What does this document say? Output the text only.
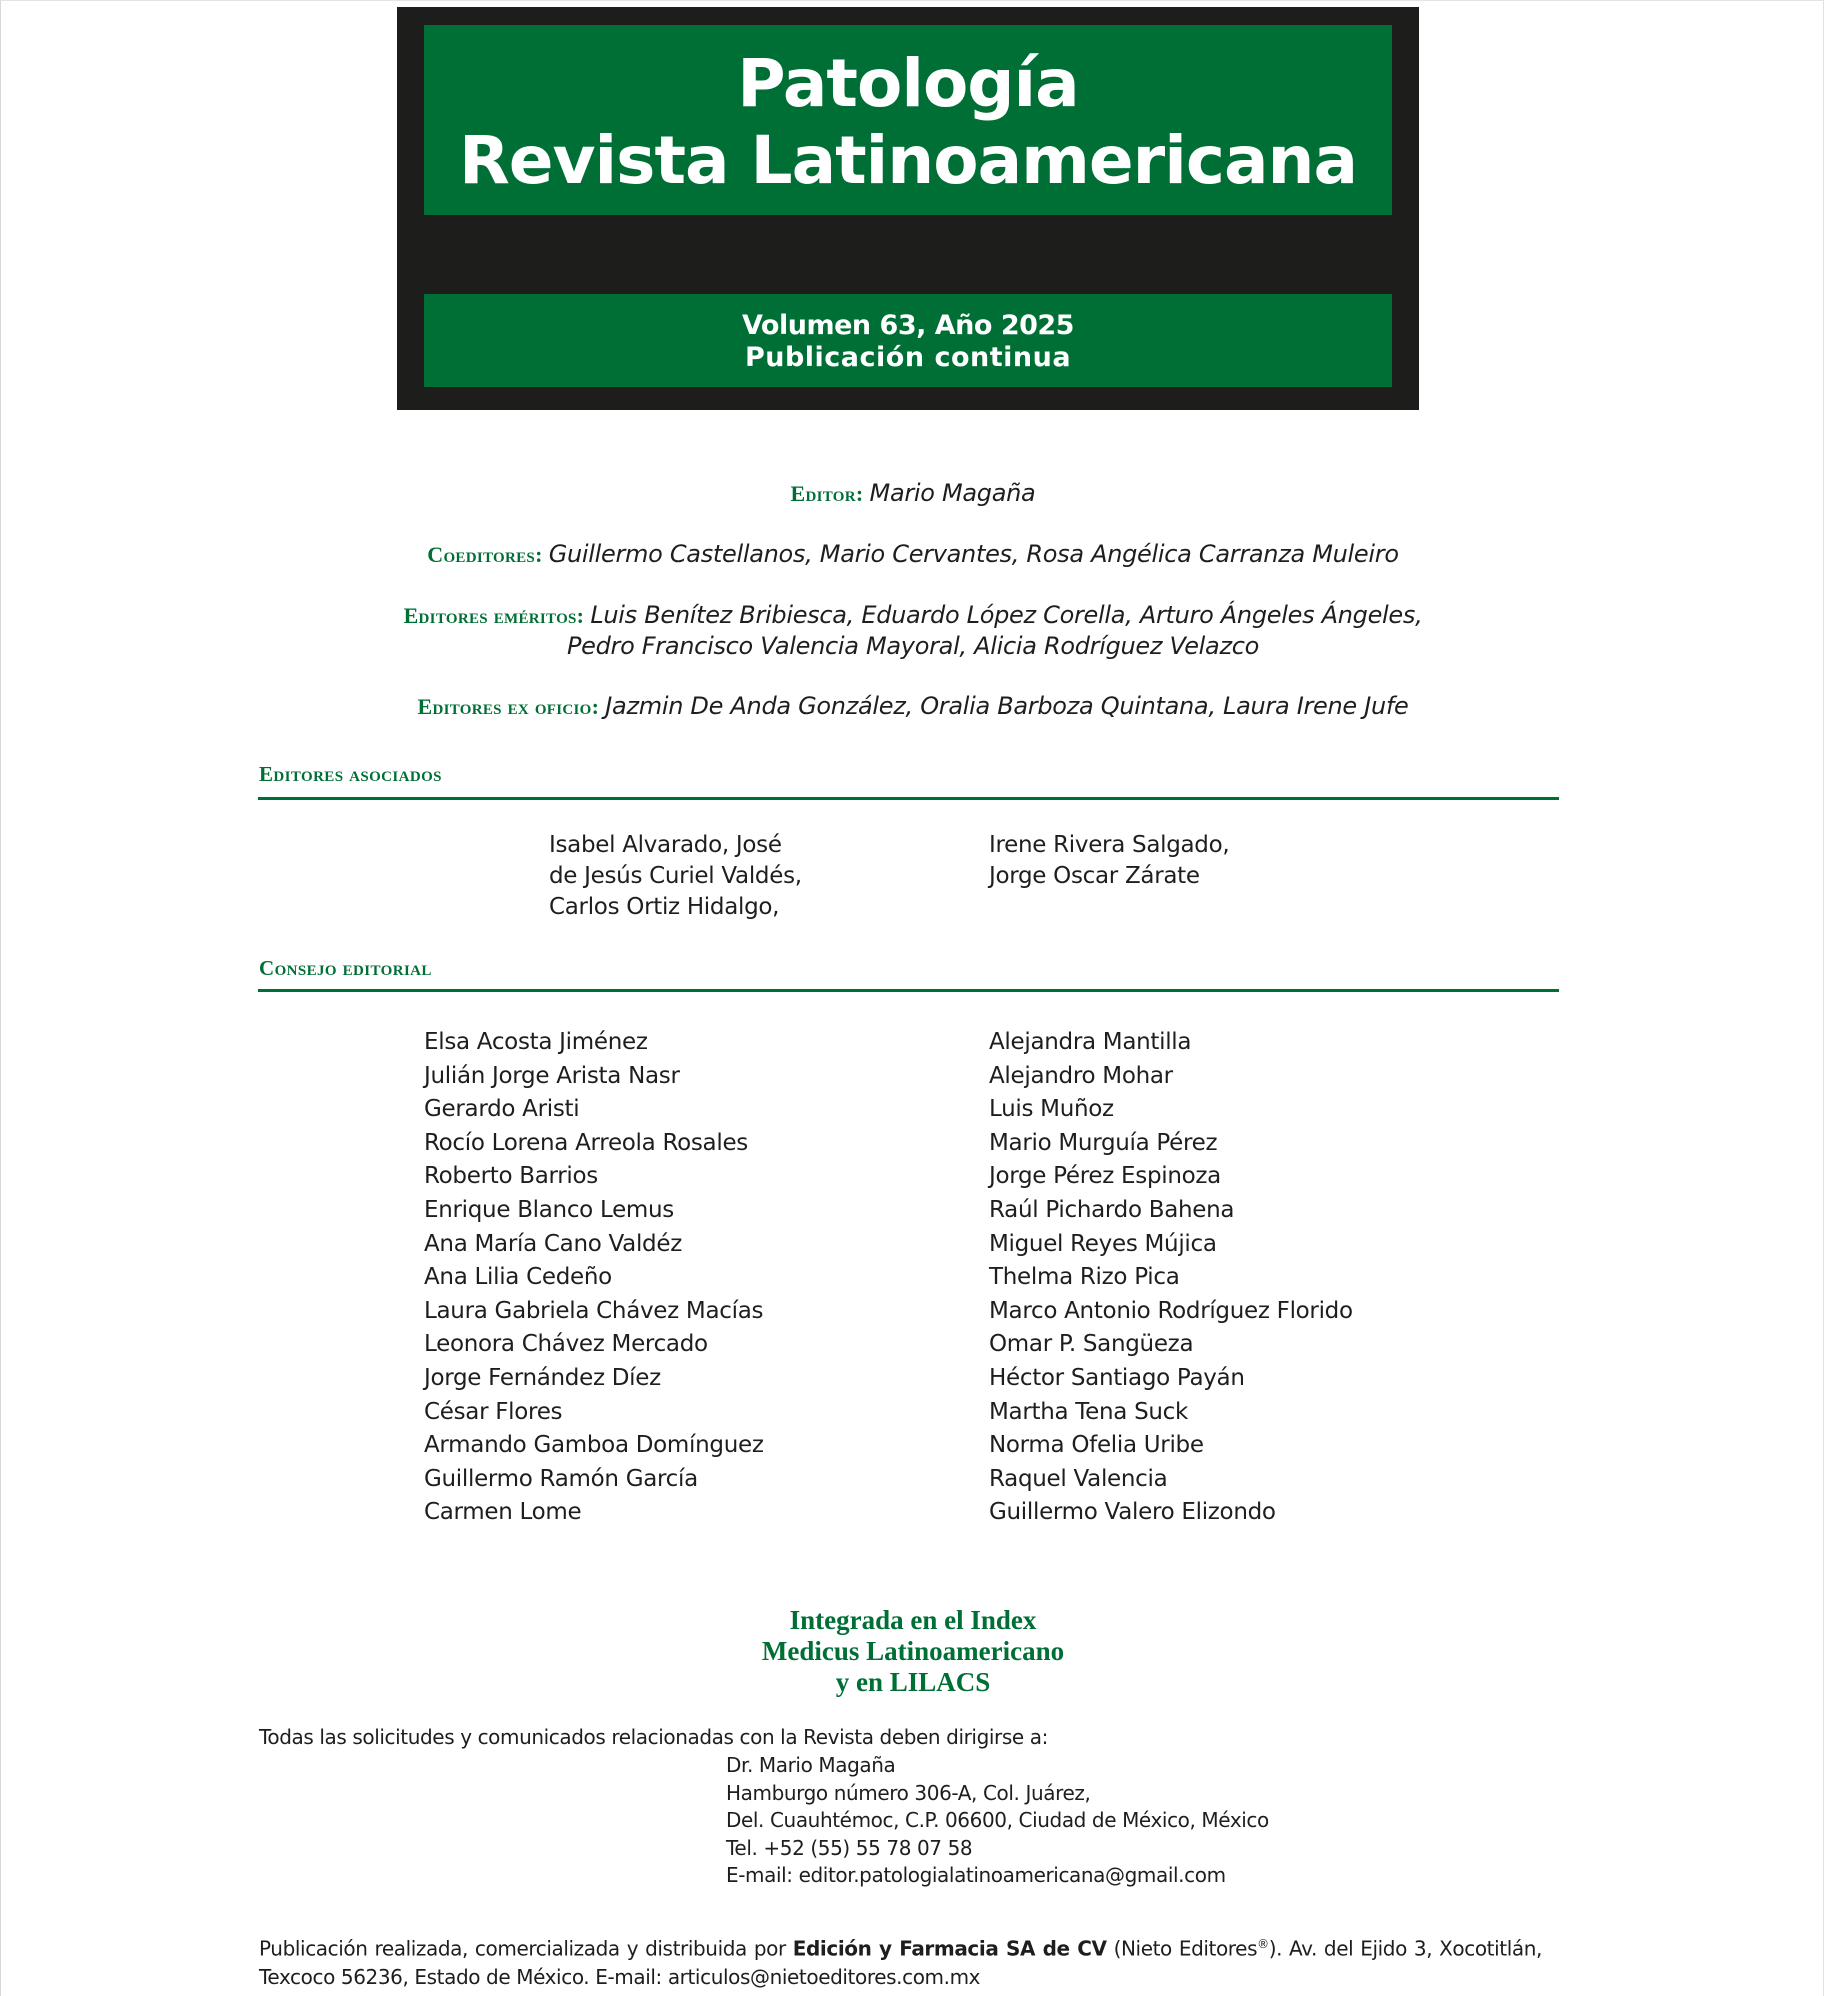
Patología
Revista Latinoamericana
Volumen 63, Año 2025
Publicación continua
Editor: Mario Magaña
Coeditores: Guillermo Castellanos, Mario Cervantes, Rosa Angélica Carranza Muleiro
Editores eméritos: Luis Benítez Bribiesca, Eduardo López Corella, Arturo Ángeles Ángeles,
Pedro Francisco Valencia Mayoral, Alicia Rodríguez Velazco
Editores ex oficio: Jazmin De Anda González, Oralia Barboza Quintana, Laura Irene Jufe
Editores asociados
Isabel Alvarado, José
de Jesús Curiel Valdés,
Carlos Ortiz Hidalgo,
Irene Rivera Salgado,
Jorge Oscar Zárate
Consejo editorial
Elsa Acosta Jiménez
Julián Jorge Arista Nasr
Gerardo Aristi
Rocío Lorena Arreola Rosales
Roberto Barrios
Enrique Blanco Lemus
Ana María Cano Valdéz
Ana Lilia Cedeño
Laura Gabriela Chávez Macías
Leonora Chávez Mercado
Jorge Fernández Díez
César Flores
Armando Gamboa Domínguez
Guillermo Ramón García
Carmen Lome
Alejandra Mantilla
Alejandro Mohar
Luis Muñoz
Mario Murguía Pérez
Jorge Pérez Espinoza
Raúl Pichardo Bahena
Miguel Reyes Mújica
Thelma Rizo Pica
Marco Antonio Rodríguez Florido
Omar P. Sangüeza
Héctor Santiago Payán
Martha Tena Suck
Norma Ofelia Uribe
Raquel Valencia
Guillermo Valero Elizondo
Integrada en el Index
Medicus Latinoamericano
y en LILACS
Todas las solicitudes y comunicados relacionadas con la Revista deben dirigirse a:
Dr. Mario Magaña
Hamburgo número 306-A, Col. Juárez,
Del. Cuauhtémoc, C.P. 06600, Ciudad de México, México
Tel. +52 (55) 55 78 07 58
E-mail: editor.patologialatinoamericana@gmail.com
Publicación realizada, comercializada y distribuida por Edición y Farmacia SA de CV (Nieto Editores®). Av. del Ejido 3, Xocotitlán, Texcoco 56236, Estado de México. E-mail: articulos@nietoeditores.com.mx
